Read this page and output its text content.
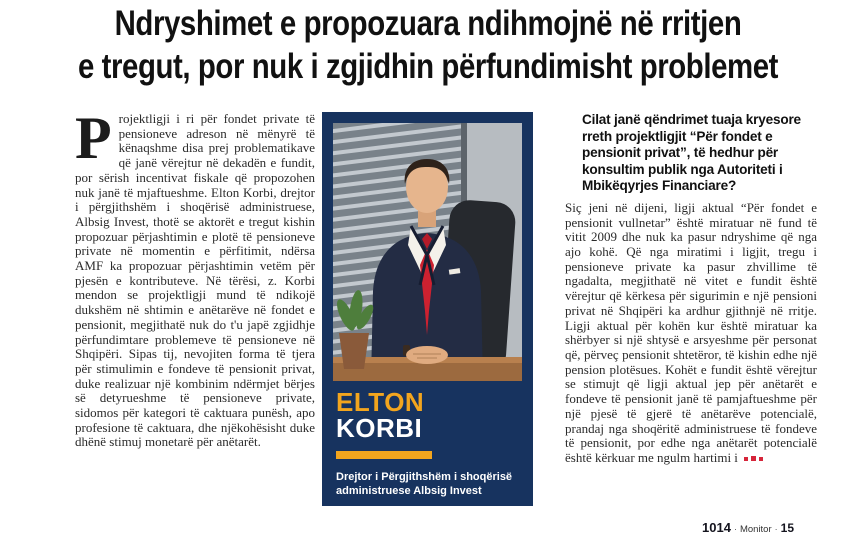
Ndryshimet e propozuara ndihmojnë në rritjen
e tregut, por nuk i zgjidhin përfundimisht problemet

Projektligji i ri për fondet private të pensioneve adreson në mënyrë të kënaqshme disa prej problematikave që janë vërejtur në dekadën e fundit, por sërish incentivat fiskale që propozohen nuk janë të mjaftueshme. Elton Korbi, drejtor i përgjithshëm i shoqërisë administruese, Albsig Invest, thotë se aktorët e tregut kishin propozuar përjashtimin e plotë të pensioneve private në momentin e përfitimit, ndërsa AMF ka propozuar përjashtimin vetëm për pjesën e kontributeve. Në tërësi, z. Korbi mendon se projektligji mund të ndikojë dukshëm në shtimin e anëtarëve në fondet e pensionit, megjithatë nuk do t'u japë zgjidhje përfundimtare problemeve të pensioneve në Shqipëri. Sipas tij, nevojiten forma të tjera për stimulimin e fondeve të pensionit privat, duke realizuar një kombinim ndërmjet bërjes së detyrueshme të pensioneve private, sidomos për kategori të caktuara punësh, apo profesione të caktuara, dhe njëkohësisht duke dhënë stimuj monetarë për anëtarët.

ELTON
KORBI
Drejtor i Përgjithshëm i shoqërisë administruese Albsig Invest

Cilat janë qëndrimet tuaja kryesore rreth projektligjit “Për fondet e pensionit privat”, të hedhur për konsultim publik nga Autoriteti i Mbikëqyrjes Financiare?

Siç jeni në dijeni, ligji aktual “Për fondet e pensionit vullnetar” është miratuar në fund të vitit 2009 dhe nuk ka pasur ndryshime që nga ajo kohë. Që nga miratimi i ligjit, tregu i pensioneve private ka pasur zhvillime të ngadalta, megjithatë në vitet e fundit është vërejtur që kërkesa për sigurimin e një pensioni privat në Shqipëri ka ardhur gjithnjë në rritje. Ligji aktual për kohën kur është miratuar ka shërbyer si një shtysë e arsyeshme për personat që, përveç pensionit shtetëror, të kishin edhe një pension plotësues. Kohët e fundit është vërejtur se stimujt që ligji aktual jep për anëtarët e fondeve të pensionit janë të pamjaftueshme për një pjesë të gjerë të anëtarëve potencialë, prandaj nga shoqëritë administruese të fondeve të pensionit, por edhe nga anëtarët potencialë është kërkuar me ngulm hartimi i

1014 · Monitor · 15
